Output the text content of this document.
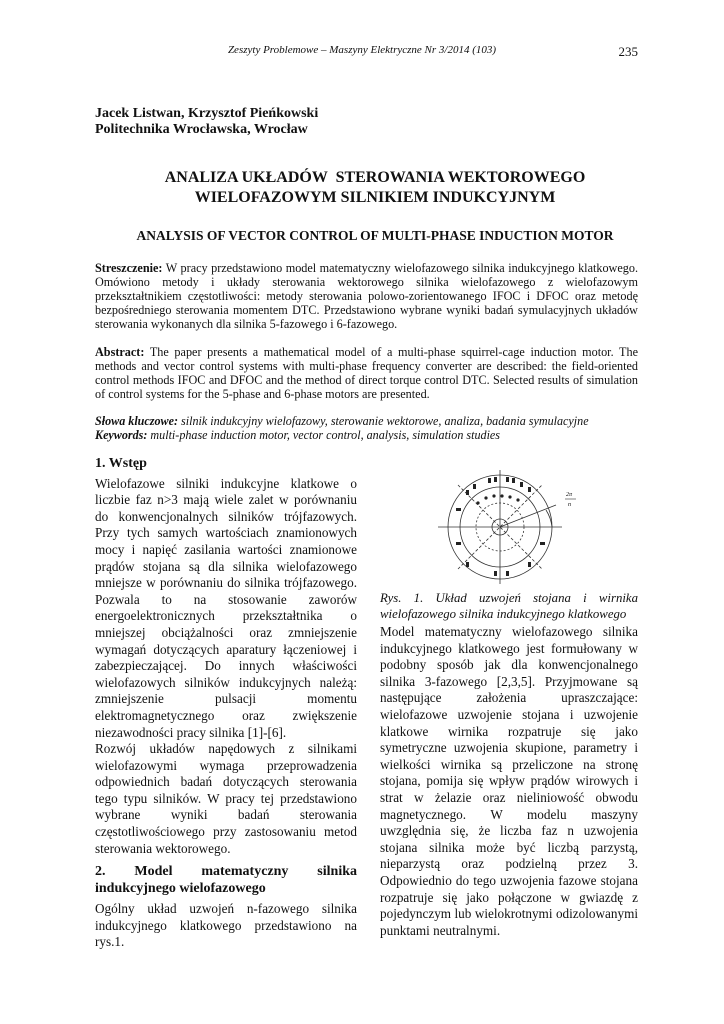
Zeszyty Problemowe – Maszyny Elektryczne Nr 3/2014 (103)	235
Jacek Listwan, Krzysztof Pieńkowski
Politechnika Wrocławska, Wrocław
ANALIZA UKŁADÓW  STEROWANIA WEKTOROWEGO
WIELOFAZOWYM SILNIKIEM INDUKCYJNYM
ANALYSIS OF VECTOR CONTROL OF MULTI-PHASE INDUCTION MOTOR
Streszczenie: W pracy przedstawiono model matematyczny wielofazowego silnika indukcyjnego klatkowego. Omówiono metody i układy sterowania wektorowego silnika wielofazowego z wielofazowym przekształtnikiem częstotliwości: metody sterowania polowo-zorientowanego IFOC i DFOC oraz metodę bezpośredniego sterowania momentem DTC. Przedstawiono wybrane wyniki badań symulacyjnych układów sterowania wykonanych dla silnika 5-fazowego i 6-fazowego.
Abstract: The paper presents a mathematical model of a multi-phase squirrel-cage induction motor. The methods and vector control systems with multi-phase frequency converter are described: the field-oriented control methods IFOC and DFOC and the method of direct torque control DTC. Selected results of simulation of control systems for the 5-phase and 6-phase motors are presented.
Słowa kluczowe: silnik indukcyjny wielofazowy, sterowanie wektorowe, analiza, badania symulacyjne
Keywords: multi-phase induction motor, vector control, analysis, simulation studies
1. Wstęp

Wielofazowe silniki indukcyjne klatkowe o liczbie faz n>3 mają wiele zalet w porównaniu do konwencjonalnych silników trójfazowych. Przy tych samych wartościach znamionowych mocy i napięć zasilania wartości znamionowe prądów stojana są dla silnika wielofazowego mniejsze w porównaniu do silnika trójfazowego. Pozwala to na stosowanie zaworów energoelektronicznych przekształtnika o mniejszej obciążalności oraz zmniejszenie wymagań dotyczących aparatury łączeniowej i zabezpieczającej. Do innych właściwości wielofazowych silników indukcyjnych należą: zmniejszenie pulsacji momentu elektromagnetycznego oraz zwiększenie niezawodności pracy silnika [1]-[6].

Rozwój układów napędowych z silnikami wielofazowymi wymaga przeprowadzenia odpowiednich badań dotyczących sterowania tego typu silników. W pracy tej przedstawiono wybrane wyniki badań sterowania częstotliwościowego przy zastosowaniu metod sterowania wektorowego.

2. Model matematyczny silnika indukcyjnego wielofazowego

Ogólny układ uzwojeń n-fazowego silnika indukcyjnego klatkowego przedstawiono na rys.1.

2π
n
Rys. 1. Układ uzwojeń stojana i wirnika wielofazowego silnika indukcyjnego klatkowego

Model matematyczny wielofazowego silnika indukcyjnego klatkowego jest formułowany w podobny sposób jak dla konwencjonalnego silnika 3-fazowego [2,3,5]. Przyjmowane są następujące założenia upraszczające: wielofazowe uzwojenie stojana i uzwojenie klatkowe wirnika rozpatruje się jako symetryczne uzwojenia skupione, parametry i wielkości wirnika są przeliczone na stronę stojana, pomija się wpływ prądów wirowych i strat w żelazie oraz nieliniowość obwodu magnetycznego. W modelu maszyny uwzględnia się, że liczba faz n uzwojenia stojana silnika może być liczbą parzystą, nieparzystą oraz podzielną przez 3. Odpowiednio do tego uzwojenia fazowe stojana rozpatruje się jako połączone w gwiazdę z pojedynczym lub wielokrotnymi odizolowanymi punktami neutralnymi.
